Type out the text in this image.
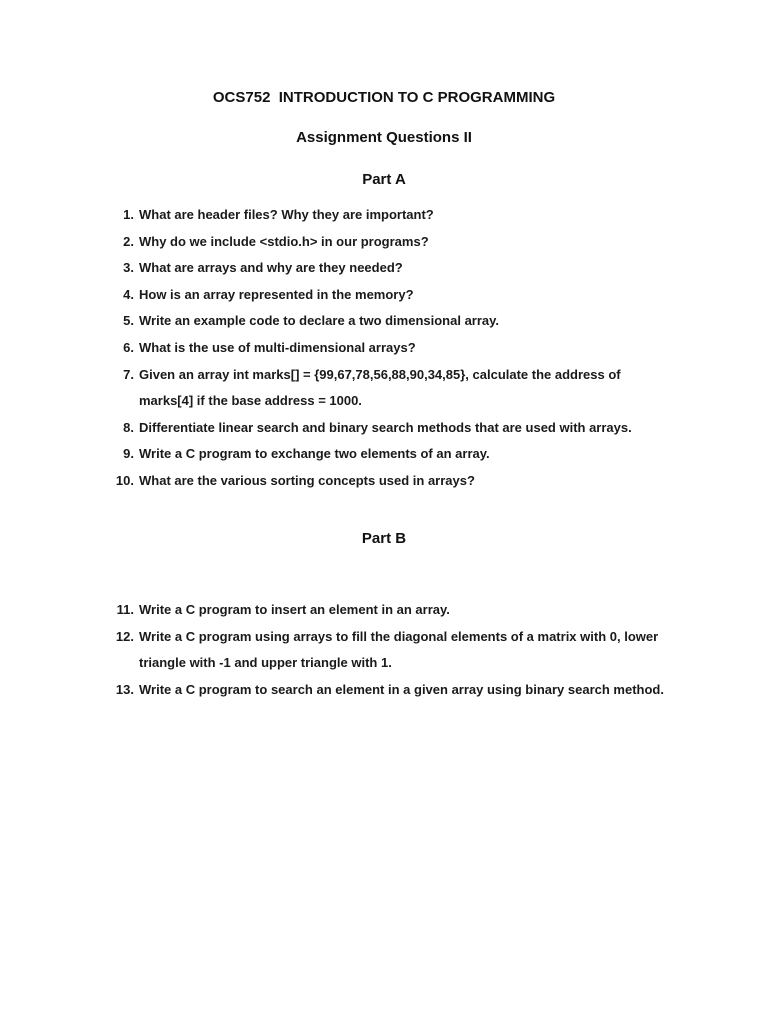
OCS752  INTRODUCTION TO C PROGRAMMING
Assignment Questions II
Part A
1. What are header files? Why they are important?
2. Why do we include <stdio.h> in our programs?
3. What are arrays and why are they needed?
4. How is an array represented in the memory?
5. Write an example code to declare a two dimensional array.
6. What is the use of multi-dimensional arrays?
7. Given an array int marks[] = {99,67,78,56,88,90,34,85}, calculate the address of marks[4] if the base address = 1000.
8. Differentiate linear search and binary search methods that are used with arrays.
9. Write a C program to exchange two elements of an array.
10. What are the various sorting concepts used in arrays?
Part B
11. Write a C program to insert an element in an array.
12. Write a C program using arrays to fill the diagonal elements of a matrix with 0, lower triangle with -1 and upper triangle with 1.
13. Write a C program to search an element in a given array using binary search method.
